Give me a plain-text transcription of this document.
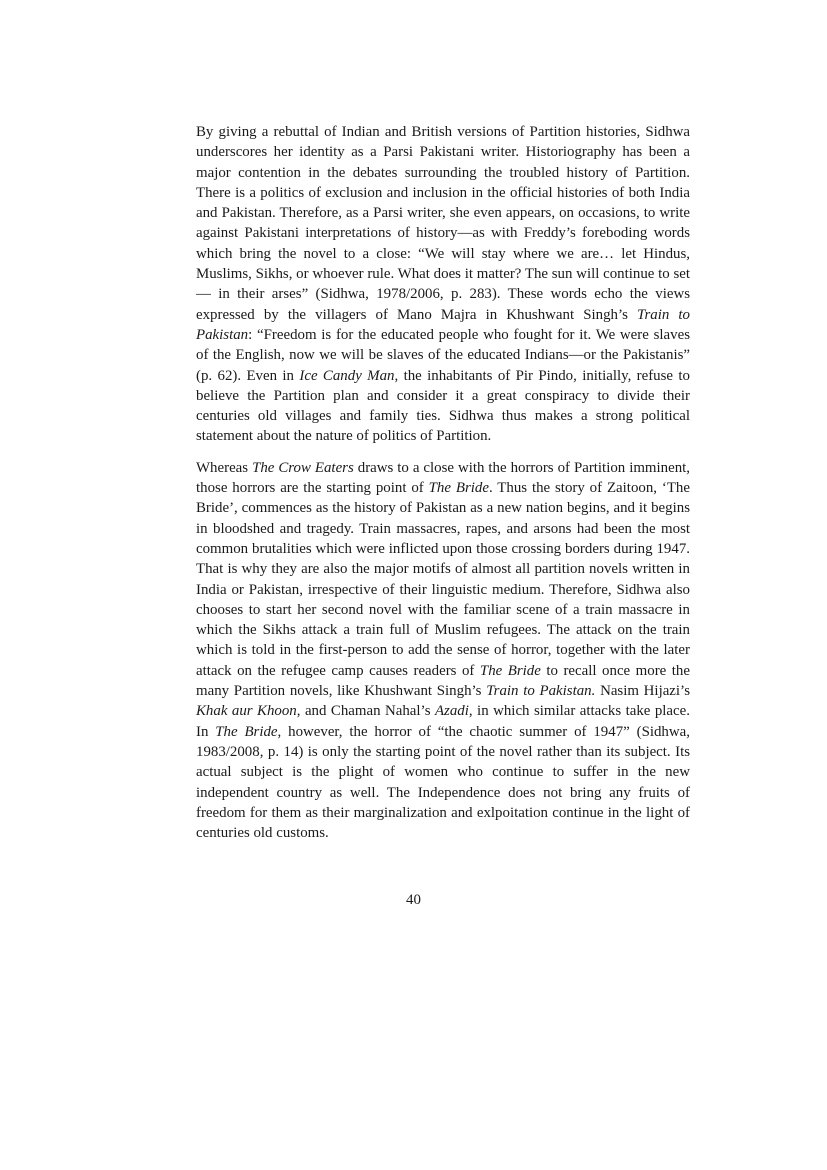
By giving a rebuttal of Indian and British versions of Partition histories, Sidhwa underscores her identity as a Parsi Pakistani writer. Historiography has been a major contention in the debates surrounding the troubled history of Partition. There is a politics of exclusion and inclusion in the official histories of both India and Pakistan. Therefore, as a Parsi writer, she even appears, on occasions, to write against Pakistani interpretations of history—as with Freddy’s foreboding words which bring the novel to a close: “We will stay where we are… let Hindus, Muslims, Sikhs, or whoever rule. What does it matter? The sun will continue to set— in their arses” (Sidhwa, 1978/2006, p. 283). These words echo the views expressed by the villagers of Mano Majra in Khushwant Singh’s Train to Pakistan: “Freedom is for the educated people who fought for it. We were slaves of the English, now we will be slaves of the educated Indians—or the Pakistanis” (p. 62). Even in Ice Candy Man, the inhabitants of Pir Pindo, initially, refuse to believe the Partition plan and consider it a great conspiracy to divide their centuries old villages and family ties. Sidhwa thus makes a strong political statement about the nature of politics of Partition.

Whereas The Crow Eaters draws to a close with the horrors of Partition imminent, those horrors are the starting point of The Bride. Thus the story of Zaitoon, ‘The Bride’, commences as the history of Pakistan as a new nation begins, and it begins in bloodshed and tragedy. Train massacres, rapes, and arsons had been the most common brutalities which were inflicted upon those crossing borders during 1947. That is why they are also the major motifs of almost all partition novels written in India or Pakistan, irrespective of their linguistic medium. Therefore, Sidhwa also chooses to start her second novel with the familiar scene of a train massacre in which the Sikhs attack a train full of Muslim refugees. The attack on the train which is told in the first-person to add the sense of horror, together with the later attack on the refugee camp causes readers of The Bride to recall once more the many Partition novels, like Khushwant Singh’s Train to Pakistan. Nasim Hijazi’s Khak aur Khoon, and Chaman Nahal’s Azadi, in which similar attacks take place. In The Bride, however, the horror of “the chaotic summer of 1947” (Sidhwa, 1983/2008, p. 14) is only the starting point of the novel rather than its subject. Its actual subject is the plight of women who continue to suffer in the new independent country as well. The Independence does not bring any fruits of freedom for them as their marginalization and exlpoitation continue in the light of centuries old customs.

40
